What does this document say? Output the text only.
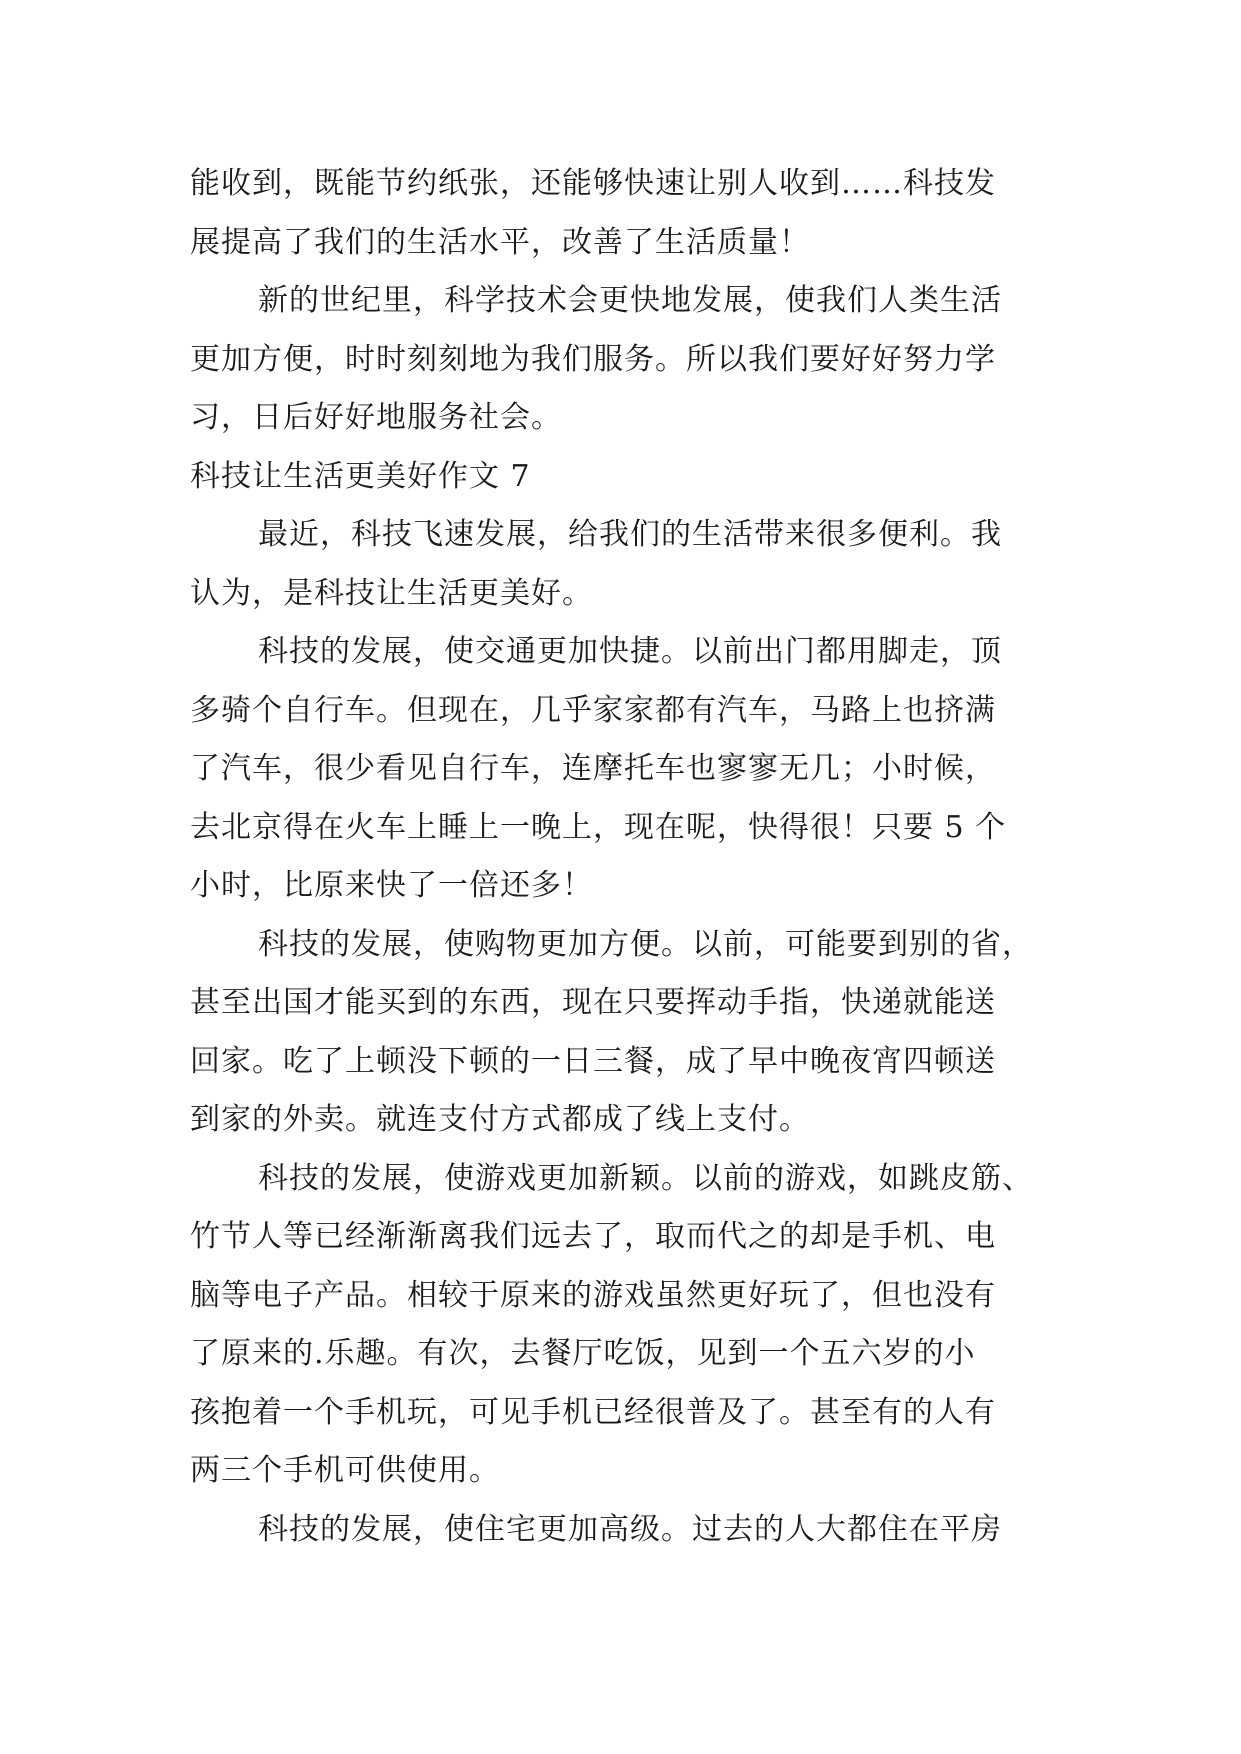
能收到，既能节约纸张，还能够快速让别人收到……科技发
展提高了我们的生活水平，改善了生活质量！
新的世纪里，科学技术会更快地发展，使我们人类生活
更加方便，时时刻刻地为我们服务。所以我们要好好努力学
习，日后好好地服务社会。
科技让生活更美好作文 7
最近，科技飞速发展，给我们的生活带来很多便利。我
认为，是科技让生活更美好。
科技的发展，使交通更加快捷。以前出门都用脚走，顶
多骑个自行车。但现在，几乎家家都有汽车，马路上也挤满
了汽车，很少看见自行车，连摩托车也寥寥无几；小时候，
去北京得在火车上睡上一晚上，现在呢，快得很！只要 5 个
小时，比原来快了一倍还多！
科技的发展，使购物更加方便。以前，可能要到别的省，
甚至出国才能买到的东西，现在只要挥动手指，快递就能送
回家。吃了上顿没下顿的一日三餐，成了早中晚夜宵四顿送
到家的外卖。就连支付方式都成了线上支付。
科技的发展，使游戏更加新颖。以前的游戏，如跳皮筋、
竹节人等已经渐渐离我们远去了，取而代之的却是手机、电
脑等电子产品。相较于原来的游戏虽然更好玩了，但也没有
了原来的.乐趣。有次，去餐厅吃饭，见到一个五六岁的小
孩抱着一个手机玩，可见手机已经很普及了。甚至有的人有
两三个手机可供使用。
科技的发展，使住宅更加高级。过去的人大都住在平房
